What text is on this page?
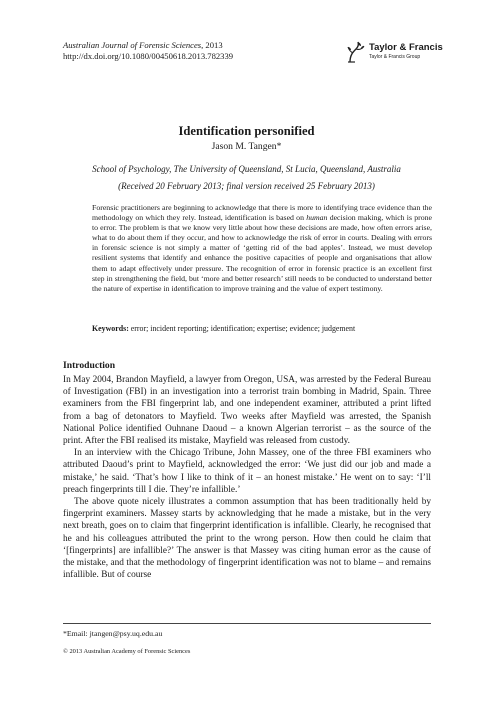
Australian Journal of Forensic Sciences, 2013
http://dx.doi.org/10.1080/00450618.2013.782339
Taylor & Francis
Taylor & Francis Group
Identification personified
Jason M. Tangen*
School of Psychology, The University of Queensland, St Lucia, Queensland, Australia
(Received 20 February 2013; final version received 25 February 2013)
Forensic practitioners are beginning to acknowledge that there is more to identifying trace evidence than the methodology on which they rely. Instead, identification is based on human decision making, which is prone to error. The problem is that we know very little about how these decisions are made, how often errors arise, what to do about them if they occur, and how to acknowledge the risk of error in courts. Dealing with errors in forensic science is not simply a matter of ‘getting rid of the bad apples’. Instead, we must develop resilient systems that identify and enhance the positive capacities of people and organisations that allow them to adapt effectively under pressure. The recognition of error in forensic practice is an excellent first step in strengthening the field, but ‘more and better research’ still needs to be conducted to understand better the nature of expertise in identification to improve training and the value of expert testimony.
Keywords: error; incident reporting; identification; expertise; evidence; judgement
Introduction

In May 2004, Brandon Mayfield, a lawyer from Oregon, USA, was arrested by the Federal Bureau of Investigation (FBI) in an investigation into a terrorist train bombing in Madrid, Spain. Three examiners from the FBI fingerprint lab, and one independent examiner, attributed a print lifted from a bag of detonators to Mayfield. Two weeks after Mayfield was arrested, the Spanish National Police identified Ouhnane Daoud – a known Algerian terrorist – as the source of the print. After the FBI realised its mistake, Mayfield was released from custody.

In an interview with the Chicago Tribune, John Massey, one of the three FBI examiners who attributed Daoud’s print to Mayfield, acknowledged the error: ‘We just did our job and made a mistake,’ he said. ‘That’s how I like to think of it – an honest mistake.’ He went on to say: ‘I’ll preach fingerprints till I die. They’re infallible.’

The above quote nicely illustrates a common assumption that has been traditionally held by fingerprint examiners. Massey starts by acknowledging that he made a mistake, but in the very next breath, goes on to claim that fingerprint identification is infallible. Clearly, he recognised that he and his colleagues attributed the print to the wrong person. How then could he claim that ‘[fingerprints] are infallible?’ The answer is that Massey was citing human error as the cause of the mistake, and that the methodology of fingerprint identification was not to blame – and remains infallible. But of course

*Email: jtangen@psy.uq.edu.au
© 2013 Australian Academy of Forensic Sciences
